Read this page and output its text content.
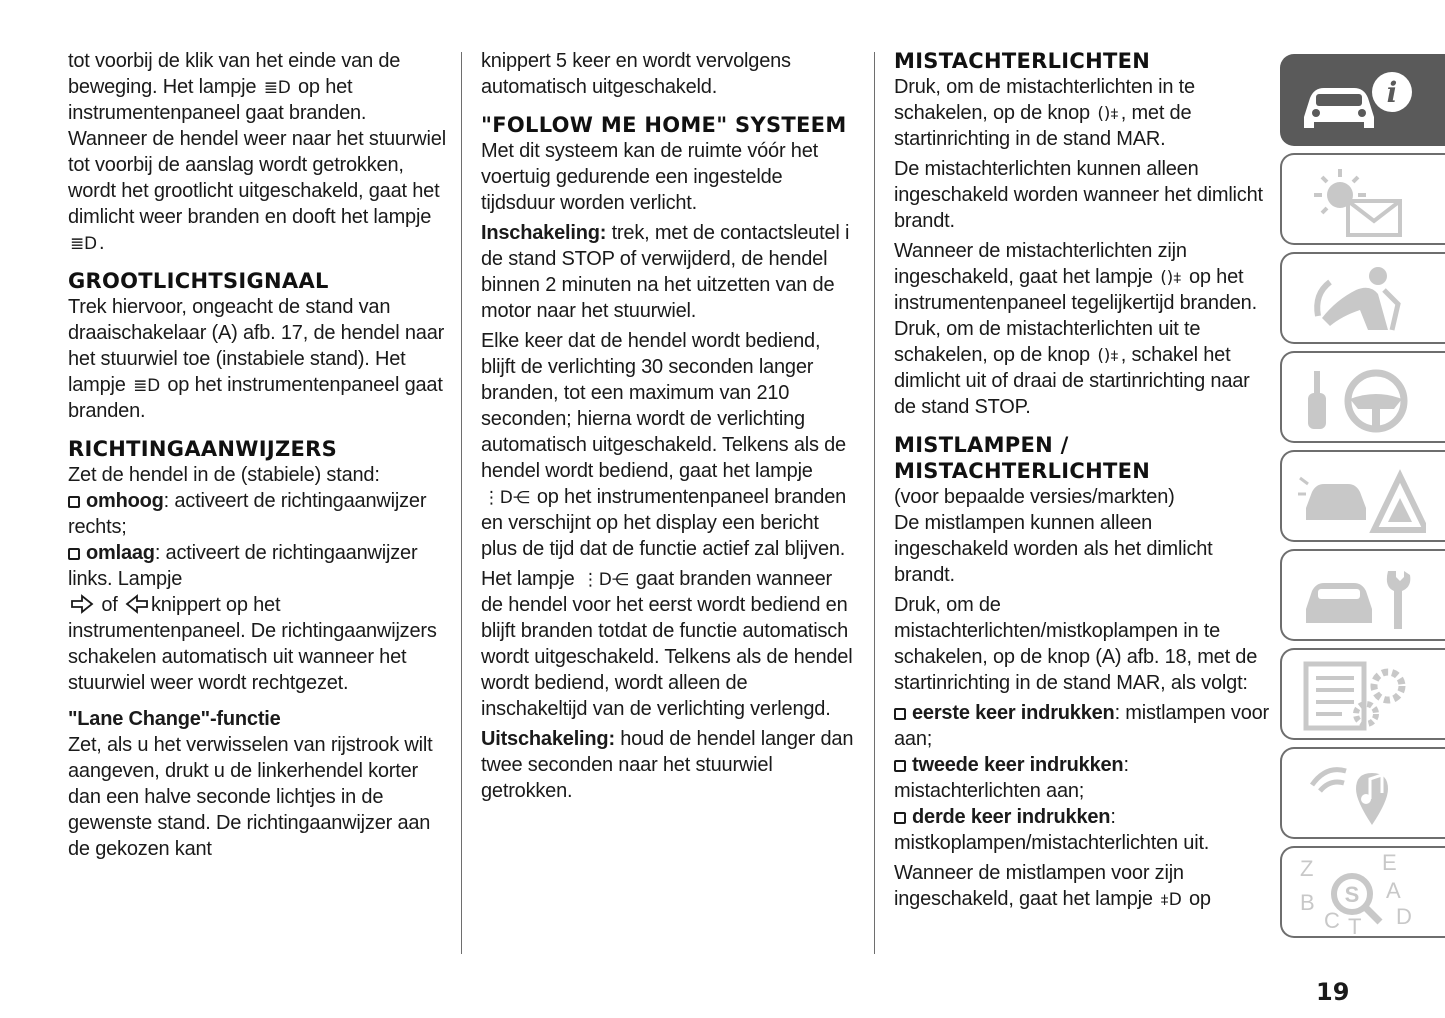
tot voorbij de klik van het einde van de beweging. Het lampje ≣D op het instrumentenpaneel gaat branden. Wanneer de hendel weer naar het stuurwiel tot voorbij de aanslag wordt getrokken, wordt het grootlicht uitgeschakeld, gaat het dimlicht weer branden en dooft het lampje ≣D .

GROOTLICHTSIGNAAL

Trek hiervoor, ongeacht de stand van draaischakelaar (A) afb. 17, de hendel naar het stuurwiel toe (instabiele stand). Het lampje ≣D op het instrumentenpaneel gaat branden.

RICHTINGAANWIJZERS

Zet de hendel in de (stabiele) stand:

omhoog: activeert de richtingaanwijzer rechts;

omlaag: activeert de richtingaanwijzer links. Lampje
of knippert op het instrumentenpaneel. De richtingaanwijzers schakelen automatisch uit wanneer het stuurwiel weer wordt rechtgezet.

"Lane Change"-functie

Zet, als u het verwisselen van rijstrook wilt aangeven, drukt u de linkerhendel korter dan een halve seconde lichtjes in de gewenste stand. De richtingaanwijzer aan de gekozen kant

knippert 5 keer en wordt vervolgens automatisch uitgeschakeld.

"FOLLOW ME HOME" SYSTEEM

Met dit systeem kan de ruimte vóór het voertuig gedurende een ingestelde tijdsduur worden verlicht.

Inschakeling: trek, met de contactsleutel i de stand STOP of verwijderd, de hendel binnen 2 minuten na het uitzetten van de motor naar het stuurwiel.

Elke keer dat de hendel wordt bediend, blijft de verlichting 30 seconden langer branden, tot een maximum van 210 seconden; hierna wordt de verlichting automatisch uitgeschakeld. Telkens als de hendel wordt bediend, gaat het lampje ⋮D⋲ op het instrumentenpaneel branden en verschijnt op het display een bericht plus de tijd dat de functie actief zal blijven.

Het lampje ⋮D⋲ gaat branden wanneer de hendel voor het eerst wordt bediend en blijft branden totdat de functie automatisch wordt uitgeschakeld. Telkens als de hendel wordt bediend, wordt alleen de inschakeltijd van de verlichting verlengd.

Uitschakeling: houd de hendel langer dan twee seconden naar het stuurwiel getrokken.

MISTACHTERLICHTEN

Druk, om de mistachterlichten in te schakelen, op de knop ()⧧ , met de startinrichting in de stand MAR.

De mistachterlichten kunnen alleen ingeschakeld worden wanneer het dimlicht brandt.

Wanneer de mistachterlichten zijn ingeschakeld, gaat het lampje ()⧧ op het instrumentenpaneel tegelijkertijd branden. Druk, om de mistachterlichten uit te schakelen, op de knop ()⧧ , schakel het dimlicht uit of draai de startinrichting naar de stand STOP.

MISTLAMPEN / MISTACHTERLICHTEN

(voor bepaalde versies/markten)

De mistlampen kunnen alleen ingeschakeld worden als het dimlicht brandt.

Druk, om de mistachterlichten/mistkoplampen in te schakelen, op de knop (A) afb. 18, met de startinrichting in de stand MAR, als volgt:

eerste keer indrukken: mistlampen voor aan;

tweede keer indrukken: mistachterlichten aan;

derde keer indrukken: mistkoplampen/mistachterlichten uit.

Wanneer de mistlampen voor zijn ingeschakeld, gaat het lampje ⧧D op

i
Z	E
A
B
D
C T
S
19
